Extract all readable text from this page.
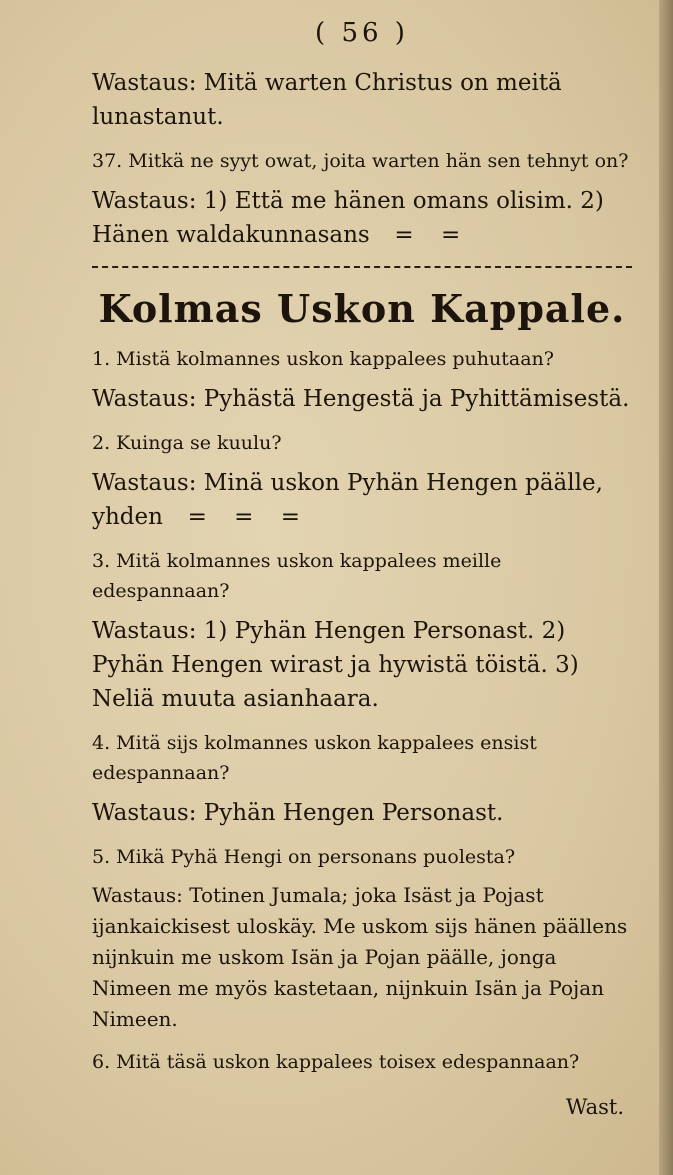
( 56 )

Wastaus: Mitä warten Christus on meitä lunastanut.

37. Mitkä ne syyt owat, joita warten hän sen tehnyt on?

Wastaus: 1) Että me hänen omans olisim. 2) Hänen waldakunnasans  = =

Kolmas Uskon Kappale.

1. Mistä kolmannes uskon kappalees puhutaan?

Wastaus: Pyhästä Hengestä ja Pyhittämisestä.

2. Kuinga se kuulu?

Wastaus: Minä uskon Pyhän Hengen päälle, yhden  = = =

3. Mitä kolmannes uskon kappalees meille edespannaan?

Wastaus: 1) Pyhän Hengen Personast. 2) Pyhän Hengen wirast ja hywistä töistä. 3) Neliä muuta asianhaara.

4. Mitä sijs kolmannes uskon kappalees ensist edespannaan?

Wastaus: Pyhän Hengen Personast.

5. Mikä Pyhä Hengi on personans puolesta?

Wastaus: Totinen Jumala; joka Isäst ja Pojast ijankaickisest uloskäy. Me uskom sijs hänen päällens nijnkuin me uskom Isän ja Pojan päälle, jonga Nimeen me myös kastetaan, nijnkuin Isän ja Pojan Nimeen.

6. Mitä täsä uskon kappalees toisex edespannaan?

Wast.
